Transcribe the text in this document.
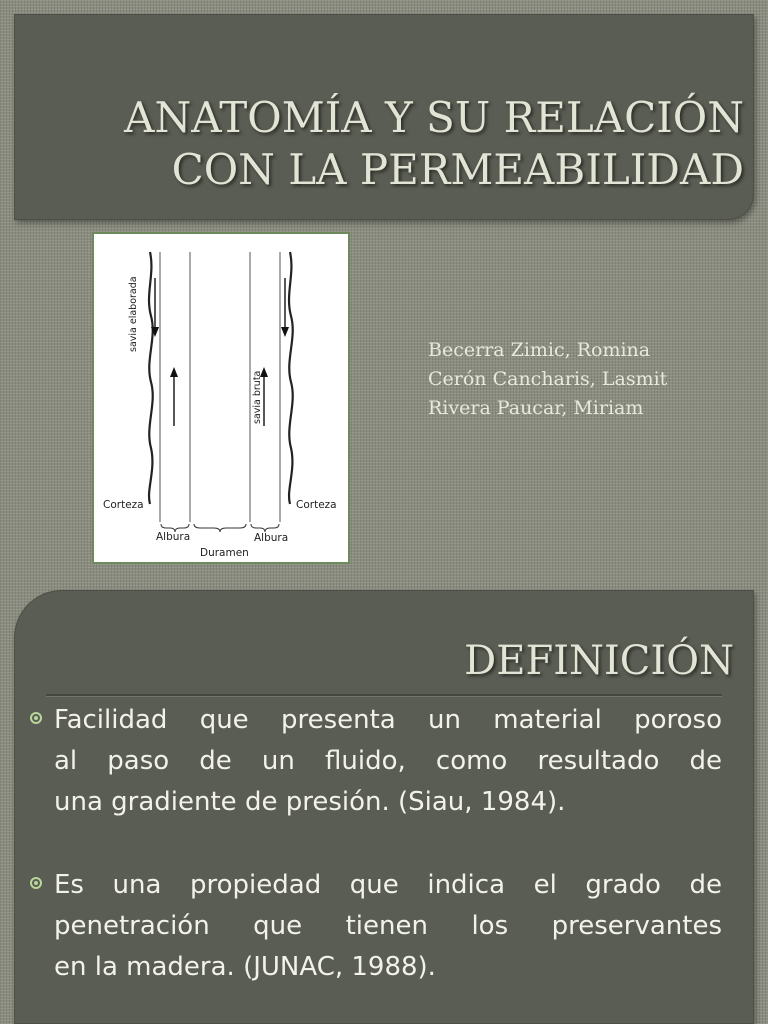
ANATOMÍA Y SU RELACIÓN
CON LA PERMEABILIDAD
savia elaborada
savia bruta
Corteza	Corteza
Albura	Albura
Duramen
Becerra Zimic, Romina
Cerón Cancharis, Lasmit
Rivera Paucar, Miriam
DEFINICIÓN

Facilidad que presenta un material poroso
al paso de un fluido, como resultado de
una gradiente de presión. (Siau, 1984).

Es una propiedad que indica el grado de
penetración que tienen los preservantes
en la madera. (JUNAC, 1988).
